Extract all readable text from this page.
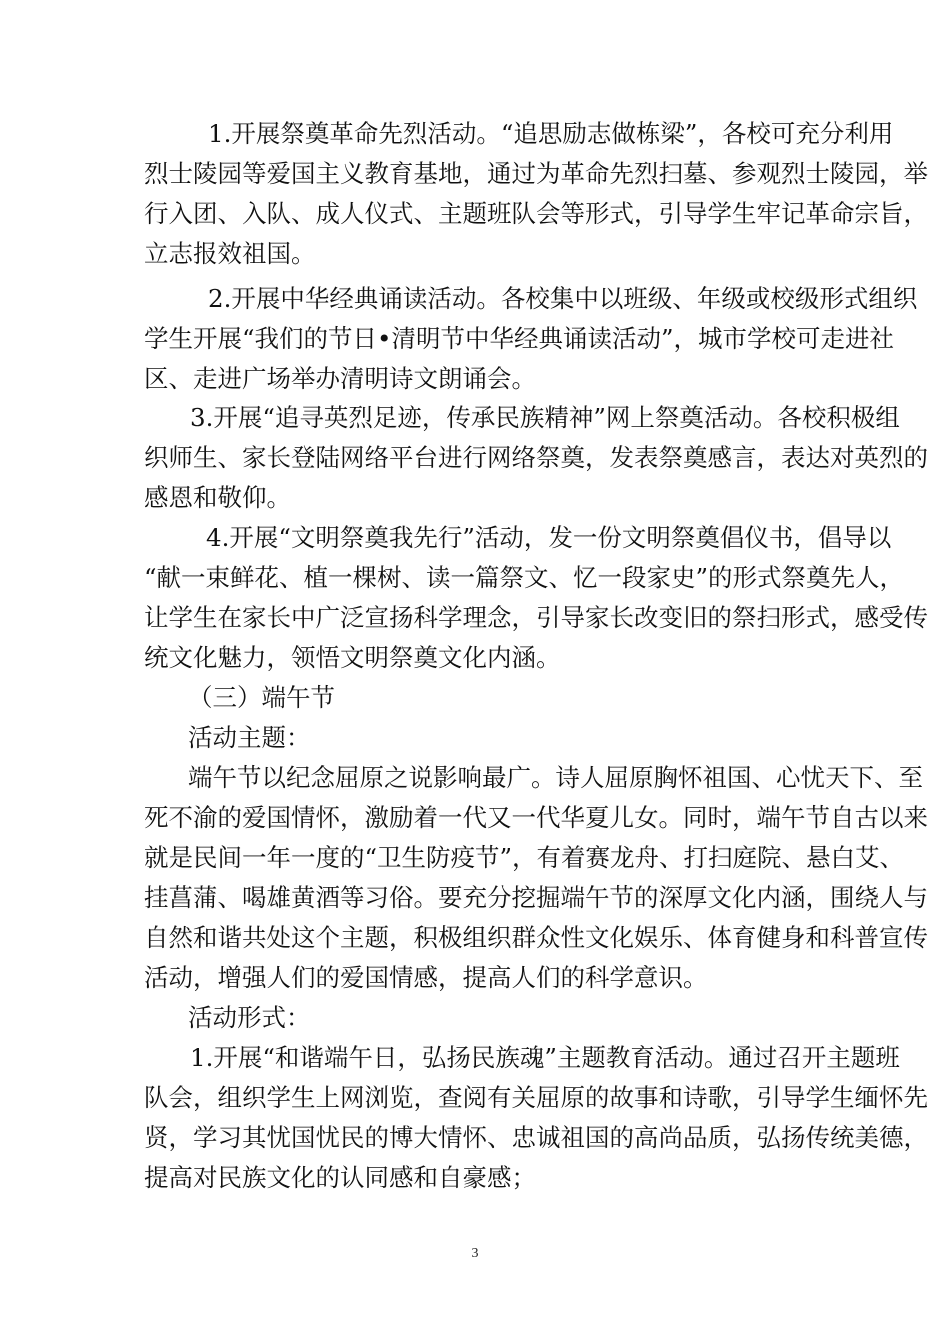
1.开展祭奠革命先烈活动。“追思励志做栋梁”，各校可充分利用
烈士陵园等爱国主义教育基地，通过为革命先烈扫墓、参观烈士陵园，举
行入团、入队、成人仪式、主题班队会等形式，引导学生牢记革命宗旨，
立志报效祖国。
2.开展中华经典诵读活动。各校集中以班级、年级或校级形式组织
学生开展“我们的节日•清明节中华经典诵读活动”，城市学校可走进社
区、走进广场举办清明诗文朗诵会。
3.开展“追寻英烈足迹，传承民族精神”网上祭奠活动。各校积极组
织师生、家长登陆网络平台进行网络祭奠，发表祭奠感言，表达对英烈的
感恩和敬仰。
4.开展“文明祭奠我先行”活动，发一份文明祭奠倡仪书，倡导以
“献一束鲜花、植一棵树、读一篇祭文、忆一段家史”的形式祭奠先人，
让学生在家长中广泛宣扬科学理念，引导家长改变旧的祭扫形式，感受传
统文化魅力，领悟文明祭奠文化内涵。
（三）端午节
活动主题：
端午节以纪念屈原之说影响最广。诗人屈原胸怀祖国、心忧天下、至
死不渝的爱国情怀，激励着一代又一代华夏儿女。同时，端午节自古以来
就是民间一年一度的“卫生防疫节”，有着赛龙舟、打扫庭院、悬白艾、
挂菖蒲、喝雄黄酒等习俗。要充分挖掘端午节的深厚文化内涵，围绕人与
自然和谐共处这个主题，积极组织群众性文化娱乐、体育健身和科普宣传
活动，增强人们的爱国情感，提高人们的科学意识。
活动形式：
1.开展“和谐端午日，弘扬民族魂”主题教育活动。通过召开主题班
队会，组织学生上网浏览，查阅有关屈原的故事和诗歌，引导学生缅怀先
贤，学习其忧国忧民的博大情怀、忠诚祖国的高尚品质，弘扬传统美德，
提高对民族文化的认同感和自豪感；
3
